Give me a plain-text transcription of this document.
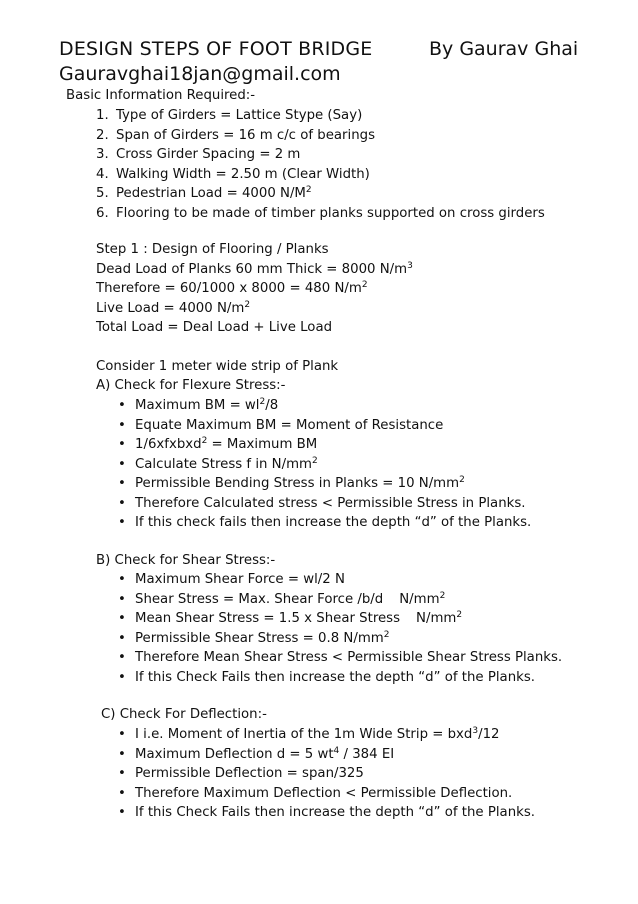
DESIGN STEPS OF FOOT BRIDGE	By Gaurav Ghai
Gauravghai18jan@gmail.com
Basic Information Required:-
1. Type of Girders = Lattice Stype (Say)
2. Span of Girders = 16 m c/c of bearings
3. Cross Girder Spacing = 2 m
4. Walking Width = 2.50 m (Clear Width)
5. Pedestrian Load = 4000 $N/M^2$
6. Flooring to be made of timber planks supported on cross girders
Step 1 : Design of Flooring / Planks
Dead Load of Planks 60 mm Thick = 8000 $N/m^3$
Therefore = 60/1000 x 8000 = 480 $N/m^2$
Live Load = 4000 $N/m^2$
Total Load = Deal Load + Live Load
Consider 1 meter wide strip of Plank
A) Check for Flexure Stress:-
• Maximum BM = $wl^2/8$
• Equate Maximum BM = Moment of Resistance
• 1/6xfxbxd$^2$ = Maximum BM
• Calculate Stress f in $N/mm^2$
• Permissible Bending Stress in Planks = 10 $N/mm^2$
• Therefore Calculated stress < Permissible Stress in Planks.
• If this check fails then increase the depth “d” of the Planks.
B) Check for Shear Stress:-
• Maximum Shear Force = wl/2 N
• Shear Stress = Max. Shear Force /b/d $N/mm^2$
• Mean Shear Stress = 1.5 x Shear Stress $N/mm^2$
• Permissible Shear Stress = 0.8 $N/mm^2$
• Therefore Mean Shear Stress < Permissible Shear Stress Planks.
• If this Check Fails then increase the depth “d” of the Planks.
C) Check For Deflection:-
• I i.e. Moment of Inertia of the 1m Wide Strip = bxd$^3$/12
• Maximum Deflection d = 5 $wt^4 / 384$ EI
• Permissible Deflection = span/325
• Therefore Maximum Deflection < Permissible Deflection.
• If this Check Fails then increase the depth “d” of the Planks.
